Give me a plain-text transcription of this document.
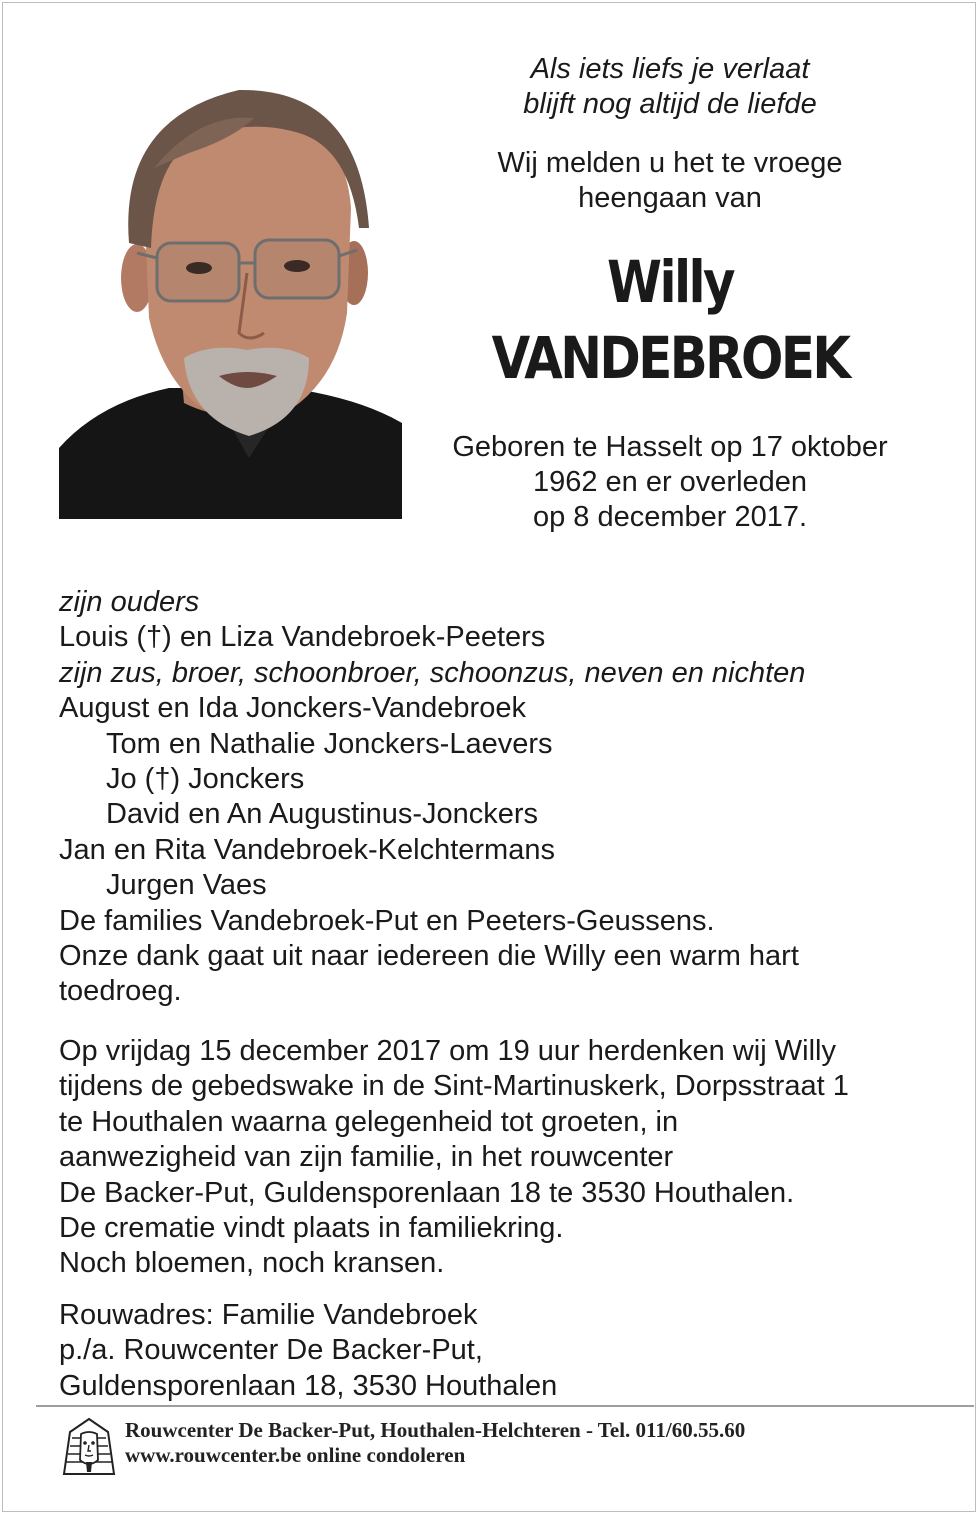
Als iets liefs je verlaat
blijft nog altijd de liefde
Wij melden u het te vroege
heengaan van
Willy
VANDEBROEK
Geboren te Hasselt op 17 oktober
1962 en er overleden
op 8 december 2017.
zijn ouders
Louis (†) en Liza Vandebroek-Peeters
zijn zus, broer, schoonbroer, schoonzus, neven en nichten
August en Ida Jonckers-Vandebroek
Tom en Nathalie Jonckers-Laevers
Jo (†) Jonckers
David en An Augustinus-Jonckers
Jan en Rita Vandebroek-Kelchtermans
Jurgen Vaes
De families Vandebroek-Put en Peeters-Geussens.
Onze dank gaat uit naar iedereen die Willy een warm hart
toedroeg.
Op vrijdag 15 december 2017 om 19 uur herdenken wij Willy
tijdens de gebedswake in de Sint-Martinuskerk, Dorpsstraat 1
te Houthalen waarna gelegenheid tot groeten, in
aanwezigheid van zijn familie, in het rouwcenter
De Backer-Put, Guldensporenlaan 18 te 3530 Houthalen.
De crematie vindt plaats in familiekring.
Noch bloemen, noch kransen.
Rouwadres: Familie Vandebroek
p./a. Rouwcenter De Backer-Put,
Guldensporenlaan 18, 3530 Houthalen
Rouwcenter De Backer-Put, Houthalen-Helchteren - Tel. 011/60.55.60
www.rouwcenter.be online condoleren
